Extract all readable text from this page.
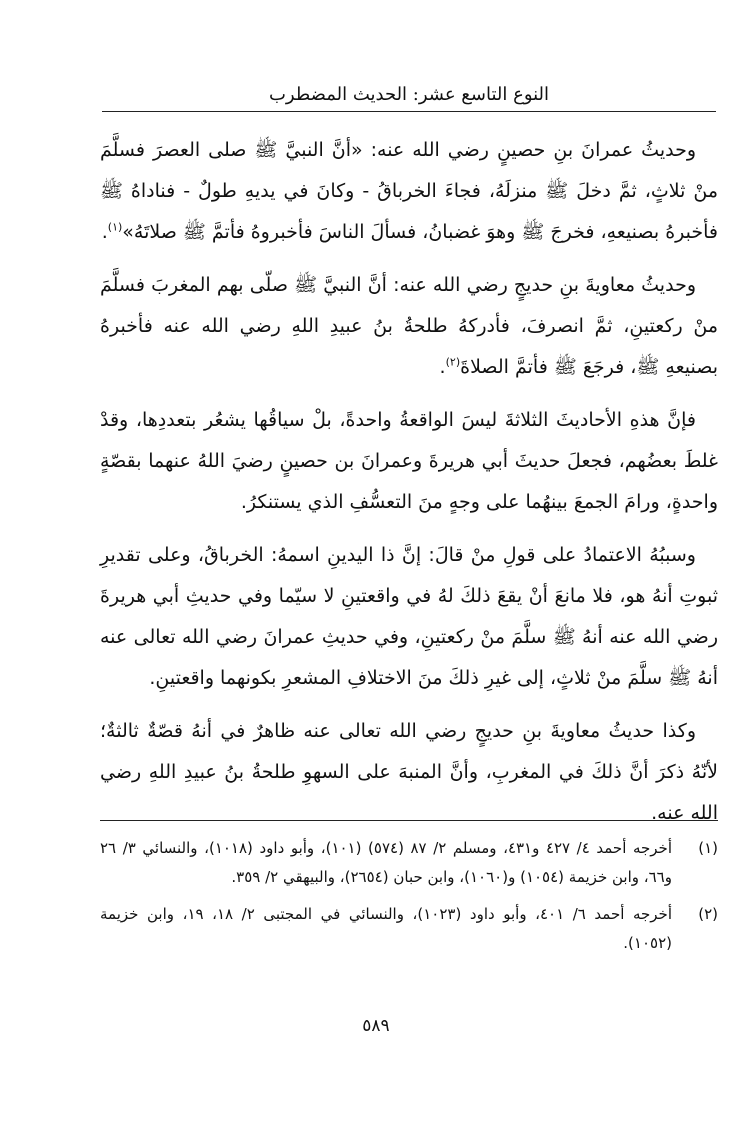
النوع التاسع عشر: الحديث المضطرب

وحديثُ عمرانَ بنِ حصينٍ رضي الله عنه: «أنَّ النبيَّ ﷺ صلى العصرَ فسلَّمَ منْ ثلاثٍ، ثمَّ دخلَ ﷺ منزلَهُ، فجاءَ الخرباقُ - وكانَ في يديهِ طولٌ - فناداهُ ﷺ فأخبرهُ بصنيعهِ، فخرجَ ﷺ وهوَ غضبانُ، فسألَ الناسَ فأخبروهُ فأتمَّ ﷺ صلاتَهُ»$^{(١)}$.

وحديثُ معاويةَ بنِ حديجٍ رضي الله عنه: أنَّ النبيَّ ﷺ صلّى بهم المغربَ فسلَّمَ منْ ركعتينِ، ثمَّ انصرفَ، فأدركهُ طلحةُ بنُ عبيدِ اللهِ رضي الله عنه فأخبرهُ بصنيعهِ ﷺ، فرجَعَ ﷺ فأتمَّ الصلاةَ$^{(٢)}$.

فإنَّ هذهِ الأحاديثَ الثلاثةَ ليسَ الواقعةُ واحدةً، بلْ سياقُها يشعُر بتعددِها، وقدْ غلطَ بعضُهم، فجعلَ حديثَ أبي هريرةَ وعمرانَ بن حصينٍ رضيَ اللهُ عنهما بقصّةٍ واحدةٍ، ورامَ الجمعَ بينهُما على وجهٍ منَ التعسُّفِ الذي يستنكرُ.

وسببُهُ الاعتمادُ على قولِ منْ قالَ: إنَّ ذا اليدينِ اسمهُ: الخرباقُ، وعلى تقديرِ ثبوتِ أنهُ هو، فلا مانعَ أنْ يقعَ ذلكَ لهُ في واقعتينِ لا سيّما وفي حديثِ أبي هريرةَ رضي الله عنه أنهُ ﷺ سلَّمَ منْ ركعتينِ، وفي حديثِ عمرانَ رضي الله تعالى عنه أنهُ ﷺ سلَّمَ منْ ثلاثٍ، إلى غيرِ ذلكَ منَ الاختلافِ المشعرِ بكونهما واقعتينِ.

وكذا حديثُ معاويةَ بنِ حديجٍ رضي الله تعالى عنه ظاهرٌ في أنهُ قصّةٌ ثالثةٌ؛ لأنّهُ ذكرَ أنَّ ذلكَ في المغربِ، وأنَّ المنبهَ على السهوِ طلحةُ بنُ عبيدِ اللهِ رضي الله عنه.

(١)
أخرجه أحمد ٤/ ٤٢٧ و٤٣١، ومسلم ٢/ ٨٧ (٥٧٤) (١٠١)، وأبو داود (١٠١٨)، والنسائي ٣/ ٢٦ و٦٦، وابن خزيمة (١٠٥٤) و(١٠٦٠)، وابن حبان (٢٦٥٤)، والبيهقي ٢/ ٣٥٩.
(٢)
أخرجه أحمد ٦/ ٤٠١، وأبو داود (١٠٢٣)، والنسائي في المجتبى ٢/ ١٨، ١٩، وابن خزيمة (١٠٥٢).
٥٨٩
